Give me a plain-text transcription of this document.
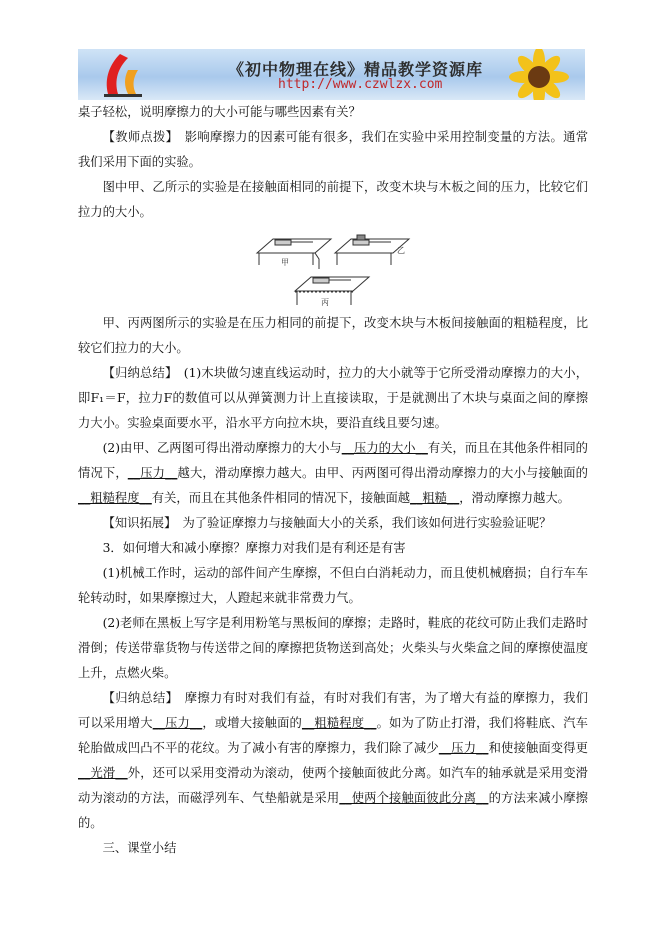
《初中物理在线》精品教学资源库
http://www.czwlzx.com

桌子轻松，说明摩擦力的大小可能与哪些因素有关？

【教师点拨】　影响摩擦力的因素可能有很多，我们在实验中采用控制变量的方法。通常我们采用下面的实验。

图中甲、乙所示的实验是在接触面相同的前提下，改变木块与木板之间的压力，比较它们拉力的大小。

甲
乙
丙

甲、丙两图所示的实验是在压力相同的前提下，改变木块与木板间接触面的粗糙程度，比较它们拉力的大小。

【归纳总结】　(1)木块做匀速直线运动时，拉力的大小就等于它所受滑动摩擦力的大小，即F₁＝F，拉力F的数值可以从弹簧测力计上直接读取，于是就测出了木块与桌面之间的摩擦力大小。实验桌面要水平，沿水平方向拉木块，要沿直线且要匀速。

(2)由甲、乙两图可得出滑动摩擦力的大小与__压力的大小__有关，而且在其他条件相同的情况下，__压力__越大，滑动摩擦力越大。由甲、丙两图可得出滑动摩擦力的大小与接触面的__粗糙程度__有关，而且在其他条件相同的情况下，接触面越__粗糙__，滑动摩擦力越大。

【知识拓展】　为了验证摩擦力与接触面大小的关系，我们该如何进行实验验证呢？

3．如何增大和减小摩擦？摩擦力对我们是有利还是有害

(1)机械工作时，运动的部件间产生摩擦，不但白白消耗动力，而且使机械磨损；自行车车轮转动时，如果摩擦过大，人蹬起来就非常费力气。

(2)老师在黑板上写字是利用粉笔与黑板间的摩擦；走路时，鞋底的花纹可防止我们走路时滑倒；传送带靠货物与传送带之间的摩擦把货物送到高处；火柴头与火柴盒之间的摩擦使温度上升，点燃火柴。

【归纳总结】　摩擦力有时对我们有益，有时对我们有害，为了增大有益的摩擦力，我们可以采用增大__压力__，或增大接触面的__粗糙程度__。如为了防止打滑，我们将鞋底、汽车轮胎做成凹凸不平的花纹。为了减小有害的摩擦力，我们除了减少__压力__和使接触面变得更__光滑__外，还可以采用变滑动为滚动，使两个接触面彼此分离。如汽车的轴承就是采用变滑动为滚动的方法，而磁浮列车、气垫船就是采用__使两个接触面彼此分离__的方法来减小摩擦的。

三、课堂小结
